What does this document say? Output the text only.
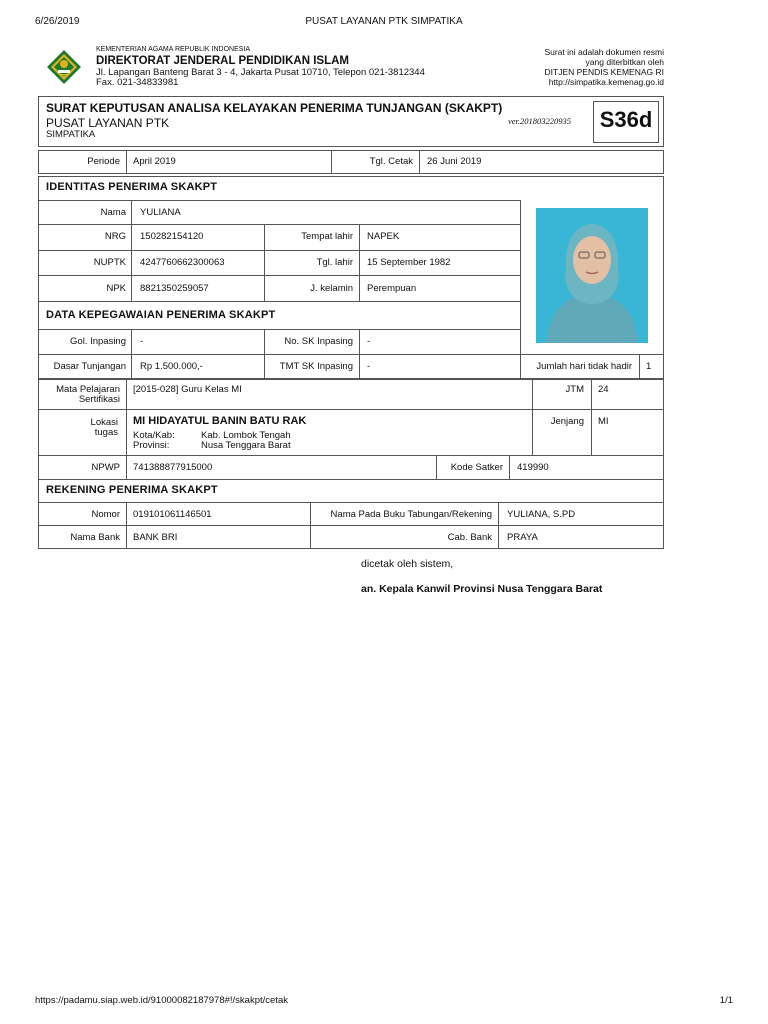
6/26/2019	PUSAT LAYANAN PTK SIMPATIKA
KEMENTERIAN AGAMA REPUBLIK INDONESIA
DIREKTORAT JENDERAL PENDIDIKAN ISLAM
Jl. Lapangan Banteng Barat 3 - 4, Jakarta Pusat 10710, Telepon 021-3812344
Fax. 021-34833981
Surat ini adalah dokumen resmi
yang diterbitkan oleh
DITJEN PENDIS KEMENAG RI
http://simpatika.kemenag.go.id
SURAT KEPUTUSAN ANALISA KELAYAKAN PENERIMA TUNJANGAN (SKAKPT)
PUSAT LAYANAN PTK
SIMPATIKA
ver.201803220935	S36d
Periode April 2019	Tgl. Cetak 26 Juni 2019
IDENTITAS PENERIMA SKAKPT
Nama YULIANA
NRG 150282154120	Tempat lahir NAPEK
NUPTK 4247760662300063	Tgl. lahir 15 September 1982
NPK 8821350259057	J. kelamin Perempuan
DATA KEPEGAWAIAN PENERIMA SKAKPT
Gol. Inpasing -	No. SK Inpasing -
Dasar Tunjangan Rp 1.500.000,-	TMT SK Inpasing -	Jumlah hari tidak hadir 1
Mata Pelajaran
Sertifikasi
[2015-028] Guru Kelas MI	JTM 24
Lokasi
tugas
MI HIDAYATUL BANIN BATU RAK
Kota/Kab:	Kab. Lombok Tengah
Provinsi:	Nusa Tenggara Barat
Jenjang MI
NPWP 741388877915000	Kode Satker 419990
REKENING PENERIMA SKAKPT
Nomor 019101061146501	Nama Pada Buku Tabungan/Rekening YULIANA, S.PD
Nama Bank BANK BRI	Cab. Bank PRAYA
dicetak oleh sistem,
an. Kepala Kanwil Provinsi Nusa Tenggara Barat
https://padamu.siap.web.id/91000082187978#!/skakpt/cetak	1/1
